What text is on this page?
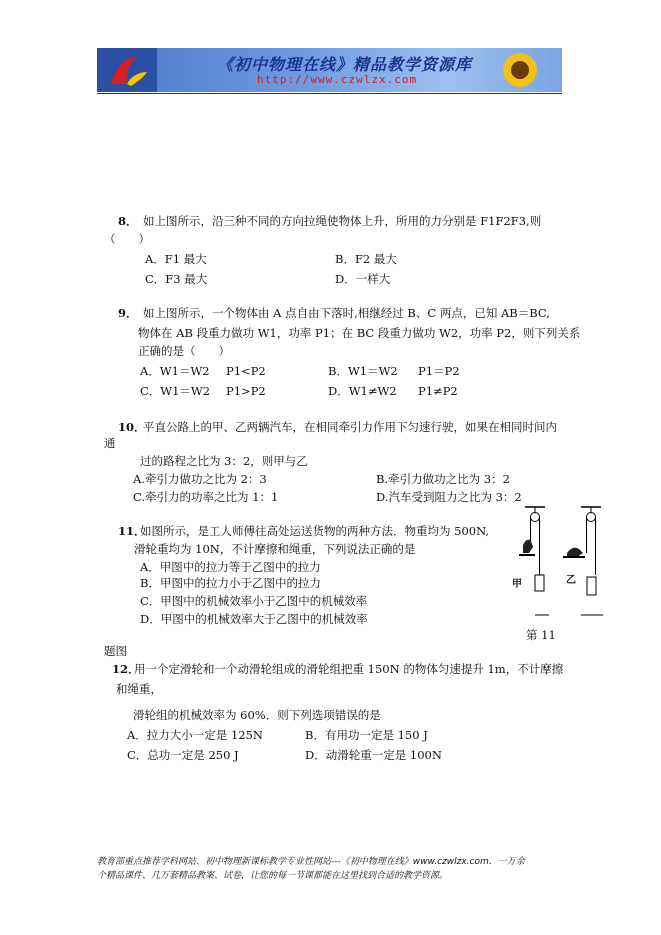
《初中物理在线》精品教学资源库
http://www.czwlzx.com
8． 如上图所示，沿三种不同的方向拉绳使物体上升，所用的力分别是 F1F2F3,则
（　　）
A．F1 最大	B．F2 最大
C．F3 最大	D．一样大
9． 如上图所示，一个物体由 A 点自由下落时,相继经过 B、C 两点，已知 AB＝BC,
物体在 AB 段重力做功 W1，功率 P1；在 BC 段重力做功 W2，功率 P2，则下列关系
正确的是（　　）
A．W1＝W2 P1<P2	B．W1＝W2 P1＝P2
C．W1＝W2 P1>P2	D．W1≠W2 P1≠P2
10．
平直公路上的甲、乙两辆汽车，在相同牵引力作用下匀速行驶，如果在相同时间内
通
过的路程之比为 3：2，则甲与乙
A.牵引力做功之比为 2：3	B.牵引力做功之比为 3：2
C.牵引力的功率之比为 1：1	D.汽车受到阻力之比为 3：2
11．
如图所示，是工人师傅往高处运送货物的两种方法．物重均为 500N,
滑轮重均为 10N，不计摩擦和绳重，下列说法正确的是
A．甲图中的拉力等于乙图中的拉力
B．甲图中的拉力小于乙图中的拉力
C．甲图中的机械效率小于乙图中的机械效率
D．甲图中的机械效率大于乙图中的机械效率
甲	乙
第 11
题图
12．
用一个定滑轮和一个动滑轮组成的滑轮组把重 150N 的物体匀速提升 1m，不计摩擦
和绳重，
滑轮组的机械效率为 60%．则下列选项错误的是
A．拉力大小一定是 125N	B．有用功一定是 150 J
C．总功一定是 250 J	D．动滑轮重一定是 100N
教育部重点推荐学科网站、初中物理新课标教学专业性网站---《初中物理在线》www.czwlzx.com．一万余
个精品课件、几万套精品教案、试卷，让您的每一节课都能在这里找到合适的教学资源。
